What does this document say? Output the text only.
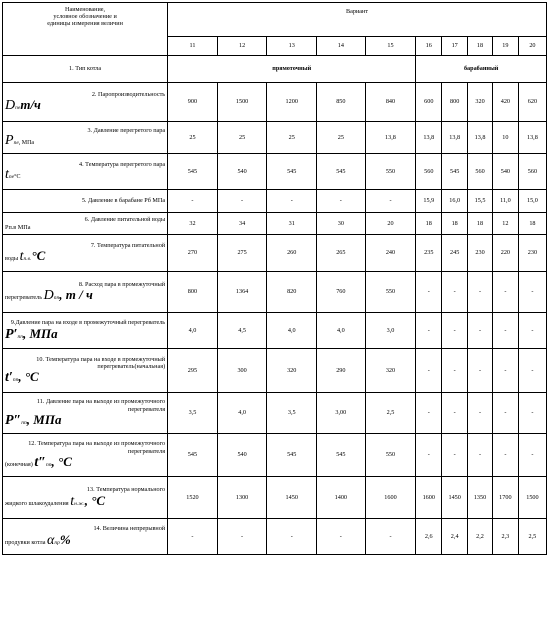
Наименование,
условное обозначение и
единицы измерения величин	Вариант									
	11	12	13	14	15	16	17	18	19	20
1. Тип котла	прямоточный					барабанный				

2. Паропроизводительность
Dпет/ч	900	1500	1200	850	840	600	800	320	420	620

3. Давление перегретого пара
Pпе, МПа	25	25	25	25	13,8	13,8	13,8	13,8	10	13,8

4. Температура перегретого пара
tпе°C	545	540	545	545	550	560	545	560	540	560

5. Давление в барабане Pб МПа	-	-	-	-	-	15,9	16,0	15,5	11,0	15,0

6. Давление питательной воды
Pп.в МПа	32	34	31	30	20	18	18	18	12	18

7. Температура питательной
воды tп.в.°C	270	275	260	265	240	235	245	230	220	230

8. Расход пара в промежуточный
перегреватель Dпп, т / ч	800	1364	820	760	550	-	-	-	-	-

9.Давление пара на входе в промежуточный перегреватель
P′пп, МПа	4,0	4,5	4,0	4,0	3,0	-	-	-	-	-

10. Температура пара на входе в промежуточный перегреватель(начальная)
t′пп, °C	295	300	320	290	320	-	-	-	-	-

11. Давление пара на выходе из промежуточного перегревателя
P″пп, МПа	3,5	4,0	3,5	3,00	2,5	-	-	-	-	-

12. Температура пара на выходе из промежуточного перегревателя
(конечная) t″пп, °C	545	540	545	545	550	-	-	-	-	-

13. Температура нормального
жидкого шлакоудаления tн.ж., °C	1520	1300	1450	1400	1600	1600	1450	1350	1700	1500

14. Величина непрерывной
продувки котла αпр%	-	-	-	-	-	2,6	2,4	2,2	2,3	2,5
